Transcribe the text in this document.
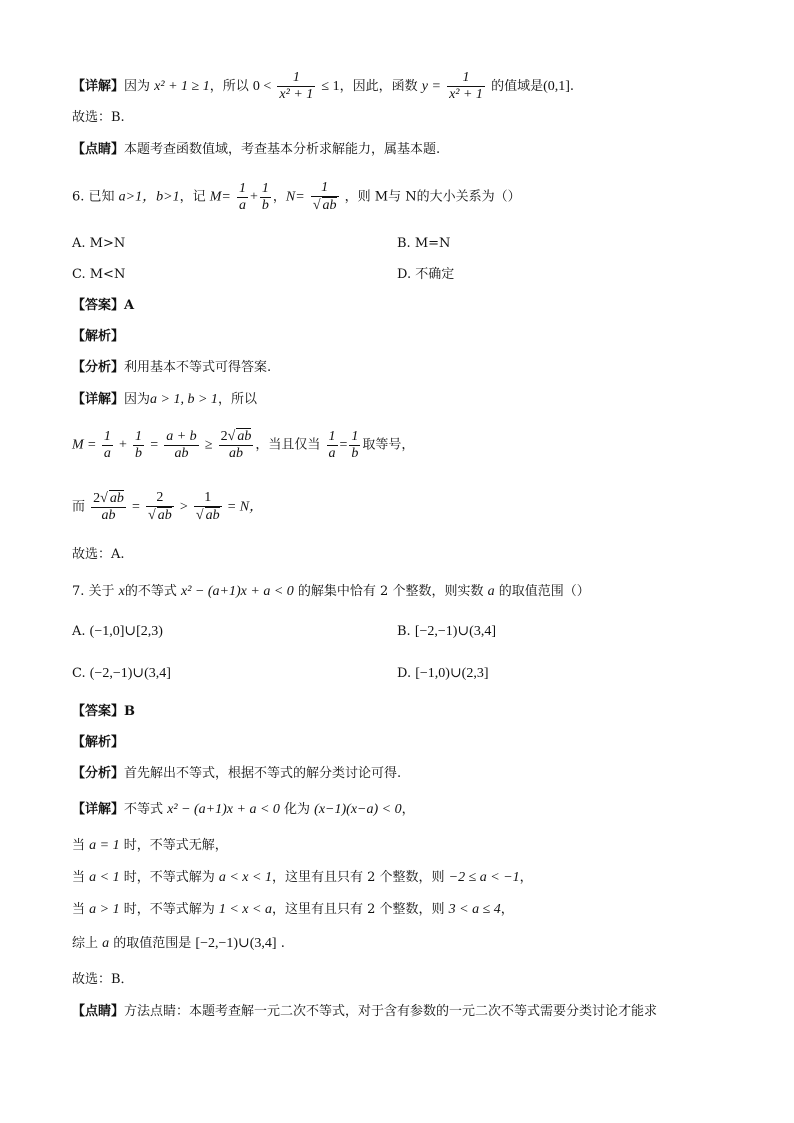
【详解】因为 x² + 1 ≥ 1，所以 $0 < \frac{1}{\text{x² + 1}} \le 1$，因此，函数 $y = \frac{1}{\text{x² + 1}}$ 的值域是(0,1].
故选：B.
【点睛】本题考查函数值域，考查基本分析求解能力，属基本题.
6. 已知 a>1，b>1，记 $M= \frac{1}{a} + \frac{1}{b}$ ，$N= \frac{1}{√ ab}$ ，则 M与 N的大小关系为（）
A. M>N	B. M=N
C. M<N	D. 不确定
【答案】A
【解析】
【分析】利用基本不等式可得答案.
【详解】因为a > 1, b > 1，所以
$M = \frac{1}{a} + \frac{1}{b} = \frac{a + b}{ab} \ge \frac{2√ ab}{ab}$ ，当且仅当 $\frac{1}{a} = \frac{1}{b}$ 取等号，
而 $\frac{2√ ab}{ab} = \frac{2}{√ ab} > \frac{1}{√ ab} = N$，
故选：A.
7. 关于 x的不等式 x² − (a+1)x + a < 0 的解集中恰有 2 个整数，则实数 a 的取值范围（）
A. (−1,0]∪[2,3)	B. [−2,−1)∪(3,4]
C. (−2,−1)∪(3,4]	D. [−1,0)∪(2,3]
【答案】B
【解析】
【分析】首先解出不等式，根据不等式的解分类讨论可得.
【详解】不等式 x² − (a+1)x + a < 0 化为 (x−1)(x−a) < 0，
当 a = 1 时，不等式无解，
当 a < 1 时，不等式解为 a < x < 1，这里有且只有 2 个整数，则 −2 ≤ a < −1，
当 a > 1 时，不等式解为 1 < x < a，这里有且只有 2 个整数，则 3 < a ≤ 4，
综上 a 的取值范围是 [−2,−1)∪(3,4] .
故选：B．
【点睛】方法点睛：本题考查解一元二次不等式，对于含有参数的一元二次不等式需要分类讨论才能求
